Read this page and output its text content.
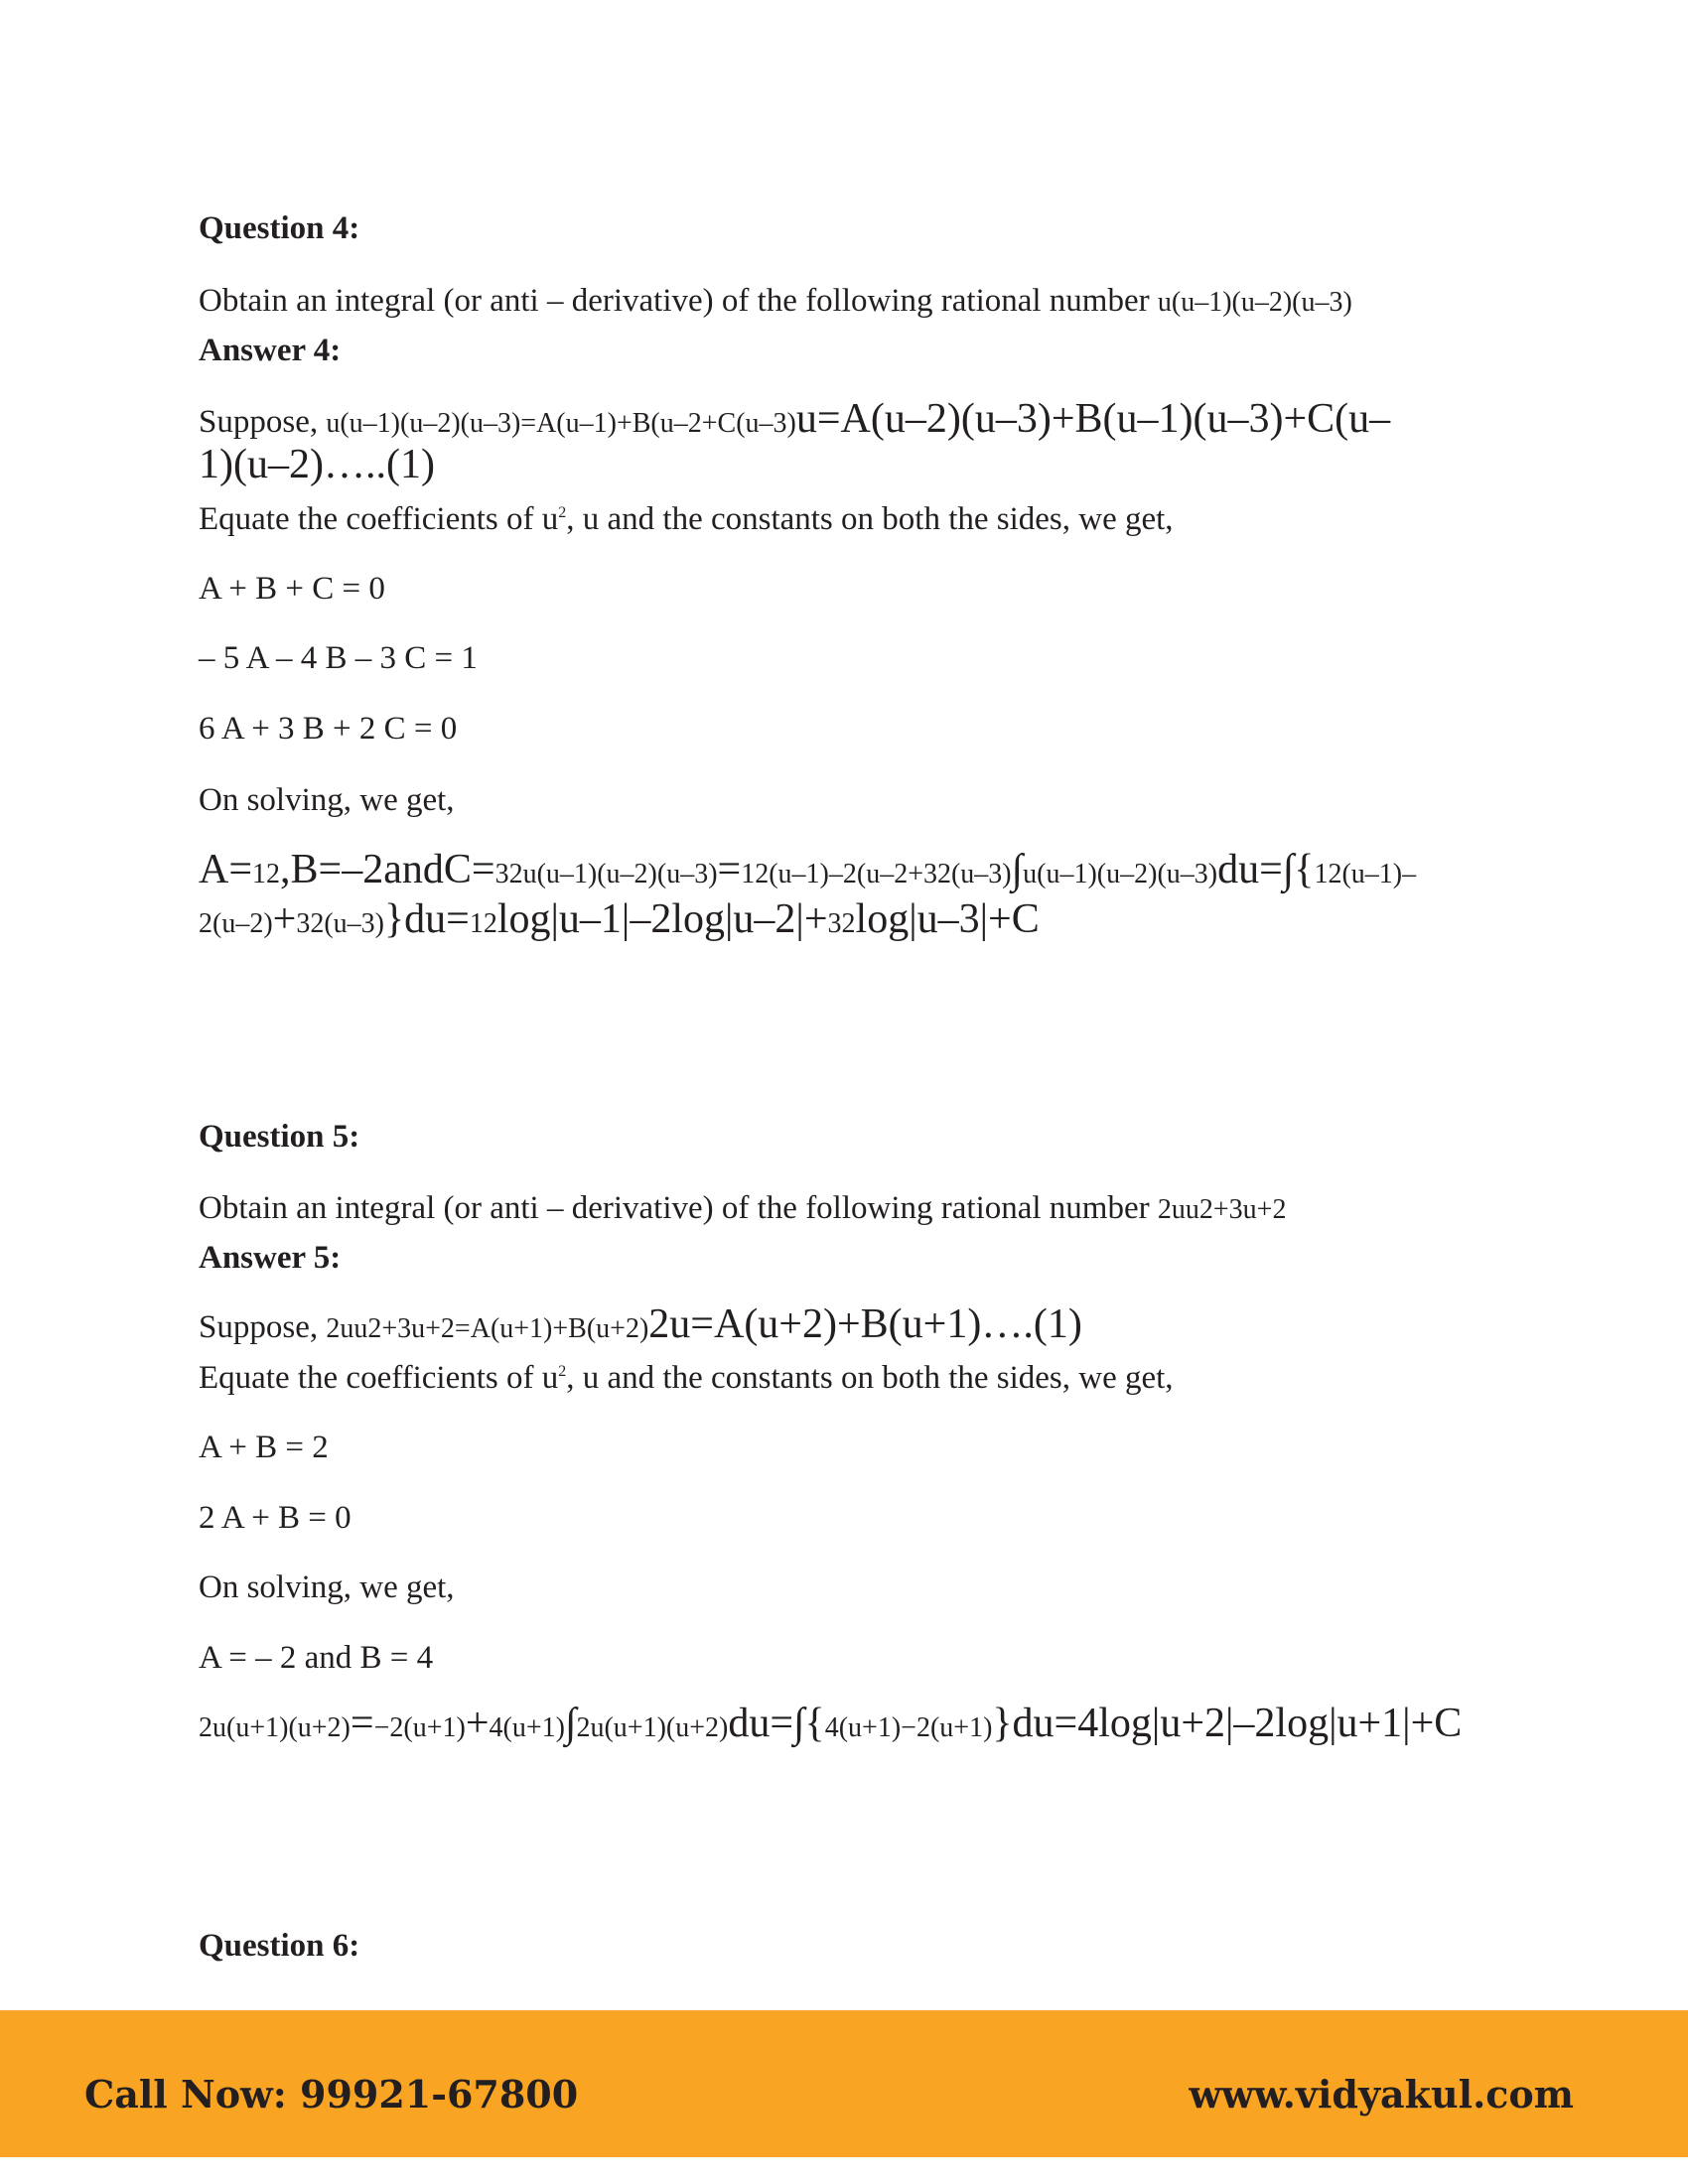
Question 4:
Obtain an integral (or anti – derivative) of the following rational number u(u–1)(u–2)(u–3)
Answer 4:
Suppose, u(u–1)(u–2)(u–3)=A(u–1)+B(u–2+C(u–3)u=A(u–2)(u–3)+B(u–1)(u–3)+C(u–
1)(u–2)…..(1)
Equate the coefficients of $u^2$, u and the constants on both the sides, we get,
A + B + C = 0
– 5 A – 4 B – 3 C = 1
6 A + 3 B + 2 C = 0
On solving, we get,
A=12,B=–2andC=32u(u–1)(u–2)(u–3)=12(u–1)–2(u–2+32(u–3)∫u(u–1)(u–2)(u–3)du=∫{12(u–1)–
2(u–2)+32(u–3)}du=12log|u–1|–2log|u–2|+32log|u–3|+C
Question 5:
Obtain an integral (or anti – derivative) of the following rational number 2uu2+3u+2
Answer 5:
Suppose, 2uu2+3u+2=A(u+1)+B(u+2)2u=A(u+2)+B(u+1)….(1)
Equate the coefficients of $u^2$, u and the constants on both the sides, we get,
A + B = 2
2 A + B = 0
On solving, we get,
A = – 2 and B = 4
2u(u+1)(u+2)=−2(u+1)+4(u+1)∫2u(u+1)(u+2)du=∫{4(u+1)−2(u+1)}du=4log|u+2|–2log|u+1|+C
Question 6:
Call Now: 99921-67800	www.vidyakul.com
